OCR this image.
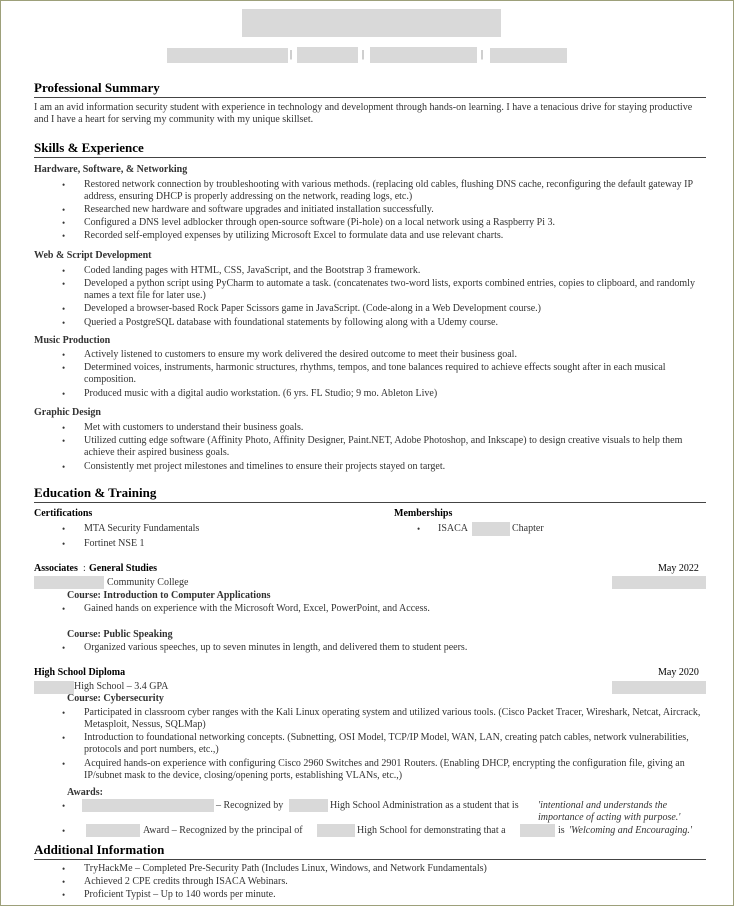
|	|	|
Professional Summary
I am an avid information security student with experience in technology and development through hands-on learning. I have a tenacious drive for staying productive and I have a heart for serving my community with my unique skillset.
Skills & Experience
Hardware, Software, & Networking
• Restored network connection by troubleshooting with various methods. (replacing old cables, flushing DNS cache, reconfiguring the default gateway IP address, ensuring DHCP is properly addressing on the network, reading logs, etc.)
• Researched new hardware and software upgrades and initiated installation successfully.
• Configured a DNS level adblocker through open-source software (Pi-hole) on a local network using a Raspberry Pi 3.
• Recorded self-employed expenses by utilizing Microsoft Excel to formulate data and use relevant charts.
Web & Script Development
• Coded landing pages with HTML, CSS, JavaScript, and the Bootstrap 3 framework.
• Developed a python script using PyCharm to automate a task. (concatenates two-word lists, exports combined entries, copies to clipboard, and randomly names a text file for later use.)
• Developed a browser-based Rock Paper Scissors game in JavaScript. (Code-along in a Web Development course.)
• Queried a PostgreSQL database with foundational statements by following along with a Udemy course.
Music Production
• Actively listened to customers to ensure my work delivered the desired outcome to meet their business goal.
• Determined voices, instruments, harmonic structures, rhythms, tempos, and tone balances required to achieve effects sought after in each musical composition.
• Produced music with a digital audio workstation. (6 yrs. FL Studio; 9 mo. Ableton Live)
Graphic Design
• Met with customers to understand their business goals.
• Utilized cutting edge software (Affinity Photo, Affinity Designer, Paint.NET, Adobe Photoshop, and Inkscape) to design creative visuals to help them achieve their aspired business goals.
• Consistently met project milestones and timelines to ensure their projects stayed on target.
Education & Training
Certifications
• MTA Security Fundamentals
• Fortinet NSE 1
Memberships
• ISACA	Chapter
Associates : General Studies	May 2022
Community College
Course: Introduction to Computer Applications
• Gained hands on experience with the Microsoft Word, Excel, PowerPoint, and Access.
Course: Public Speaking
• Organized various speeches, up to seven minutes in length, and delivered them to student peers.
High School Diploma	May 2020
High School – 3.4 GPA
Course: Cybersecurity
• Participated in classroom cyber ranges with the Kali Linux operating system and utilized various tools. (Cisco Packet Tracer, Wireshark, Netcat, Aircrack, Metasploit, Nessus, SQLMap)
• Introduction to foundational networking concepts. (Subnetting, OSI Model, TCP/IP Model, WAN, LAN, creating patch cables, network vulnerabilities, protocols and port numbers, etc.,)
• Acquired hands-on experience with configuring Cisco 2960 Switches and 2901 Routers. (Enabling DHCP, encrypting the configuration file, giving an IP/subnet mask to the device, closing/opening ports, establishing VLANs, etc.,)
Awards:
•	– Recognized by	High School Administration as a student that is 'intentional and understands the importance of acting with purpose.'
•	Award – Recognized by the principal of	High School for demonstrating that a	is 'Welcoming and Encouraging.'
Additional Information
• TryHackMe – Completed Pre-Security Path (Includes Linux, Windows, and Network Fundamentals)
• Achieved 2 CPE credits through ISACA Webinars.
• Proficient Typist – Up to 140 words per minute.
